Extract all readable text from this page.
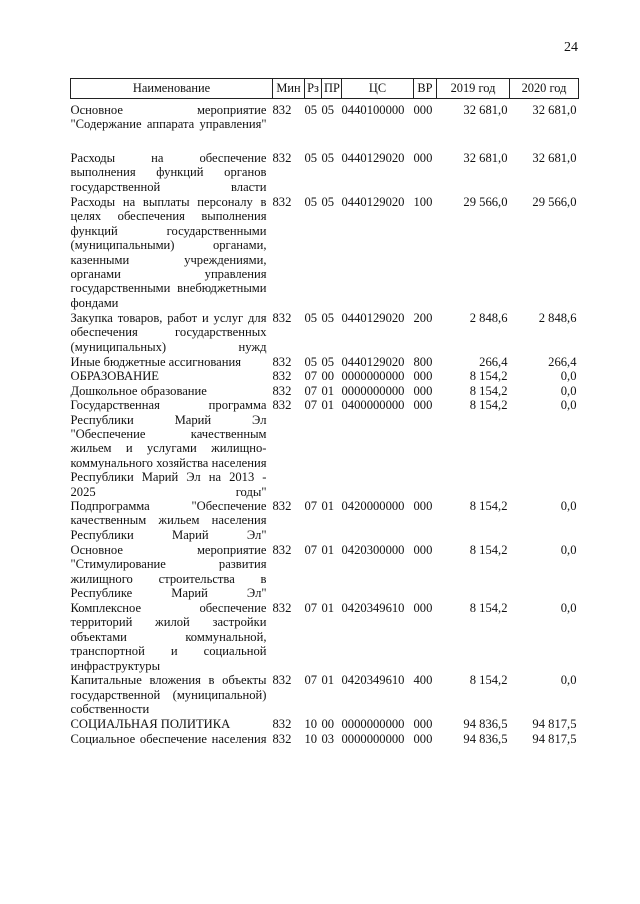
24
Наименование	Мин	Рз	ПР	ЦС	ВР	2019 год	2020 год
Основное мероприятие "Содержание аппарата управления"	832	05	05	0440100000	000	32 681,0	32 681,0
Расходы на обеспечение выполнения функций органов государственной власти	832	05	05	0440129020	000	32 681,0	32 681,0
Расходы на выплаты персоналу в целях обеспечения выполнения функций государственными (муниципальными) органами, казенными учреждениями, органами управления государственными внебюджетными фондами	832	05	05	0440129020	100	29 566,0	29 566,0
Закупка товаров, работ и услуг для обеспечения государственных (муниципальных) нужд	832	05	05	0440129020	200	2 848,6	2 848,6
Иные бюджетные ассигнования	832	05	05	0440129020	800	266,4	266,4
ОБРАЗОВАНИЕ	832	07	00	0000000000	000	8 154,2	0,0
Дошкольное образование	832	07	01	0000000000	000	8 154,2	0,0
Государственная программа Республики Марий Эл "Обеспечение качественным жильем и услугами жилищно-коммунального хозяйства населения Республики Марий Эл на 2013 - 2025 годы"	832	07	01	0400000000	000	8 154,2	0,0
Подпрограмма "Обеспечение качественным жильем населения Республики Марий Эл"	832	07	01	0420000000	000	8 154,2	0,0
Основное мероприятие "Стимулирование развития жилищного строительства в Республике Марий Эл"	832	07	01	0420300000	000	8 154,2	0,0
Комплексное обеспечение территорий жилой застройки объектами коммунальной, транспортной и социальной инфраструктуры	832	07	01	0420349610	000	8 154,2	0,0
Капитальные вложения в объекты государственной (муниципальной) собственности	832	07	01	0420349610	400	8 154,2	0,0
СОЦИАЛЬНАЯ ПОЛИТИКА	832	10	00	0000000000	000	94 836,5	94 817,5
Социальное обеспечение населения	832	10	03	0000000000	000	94 836,5	94 817,5
